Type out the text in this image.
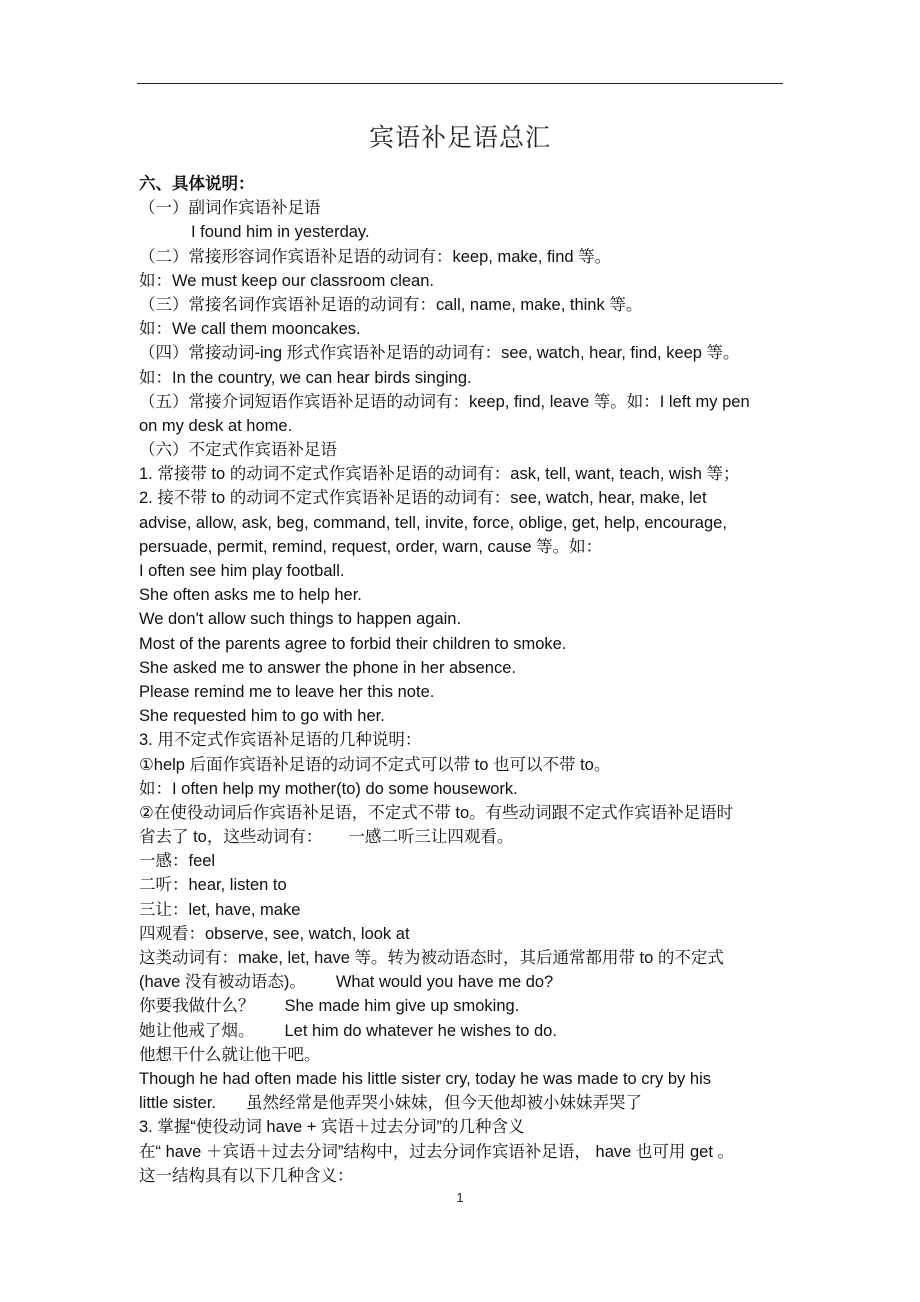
宾语补足语总汇
六、具体说明：
（一）副词作宾语补足语
I found him in yesterday.
（二）常接形容词作宾语补足语的动词有：keep, make, find 等。
如：We must keep our classroom clean.
（三）常接名词作宾语补足语的动词有：call, name, make, think 等。
如：We call them mooncakes.
（四）常接动词-ing 形式作宾语补足语的动词有：see, watch, hear, find, keep 等。
如：In the country, we can hear birds singing.
（五）常接介词短语作宾语补足语的动词有：keep, find, leave 等。如：I left my pen
on my desk at home.
（六）不定式作宾语补足语
1. 常接带 to 的动词不定式作宾语补足语的动词有：ask, tell, want, teach, wish 等；
2. 接不带 to 的动词不定式作宾语补足语的动词有：see, watch, hear, make, let
advise, allow, ask, beg, command, tell, invite, force, oblige, get, help, encourage,
persuade, permit, remind, request, order, warn, cause 等。如：
I often see him play football.
She often asks me to help her.
We don't allow such things to happen again.
Most of the parents agree to forbid their children to smoke.
She asked me to answer the phone in her absence.
Please remind me to leave her this note.
She requested him to go with her.
3. 用不定式作宾语补足语的几种说明：
①help 后面作宾语补足语的动词不定式可以带 to 也可以不带 to。
如：I often help my mother(to) do some housework.
②在使役动词后作宾语补足语，不定式不带 to。有些动词跟不定式作宾语补足语时
省去了 to，这些动词有： 一感二听三让四观看。
一感：feel
二听：hear, listen to
三让：let, have, make
四观看：observe, see, watch, look at
这类动词有：make, let, have 等。转为被动语态时，其后通常都用带 to 的不定式
(have 没有被动语态)。 What would you have me do?
你要我做什么？ She made him give up smoking.
她让他戒了烟。 Let him do whatever he wishes to do.
他想干什么就让他干吧。
Though he had often made his little sister cry, today he was made to cry by his
little sister. 虽然经常是他弄哭小妹妹，但今天他却被小妹妹弄哭了
3. 掌握“使役动词 have + 宾语＋过去分词”的几种含义
在“ have ＋宾语＋过去分词”结构中，过去分词作宾语补足语， have 也可用 get 。
这一结构具有以下几种含义：
1
